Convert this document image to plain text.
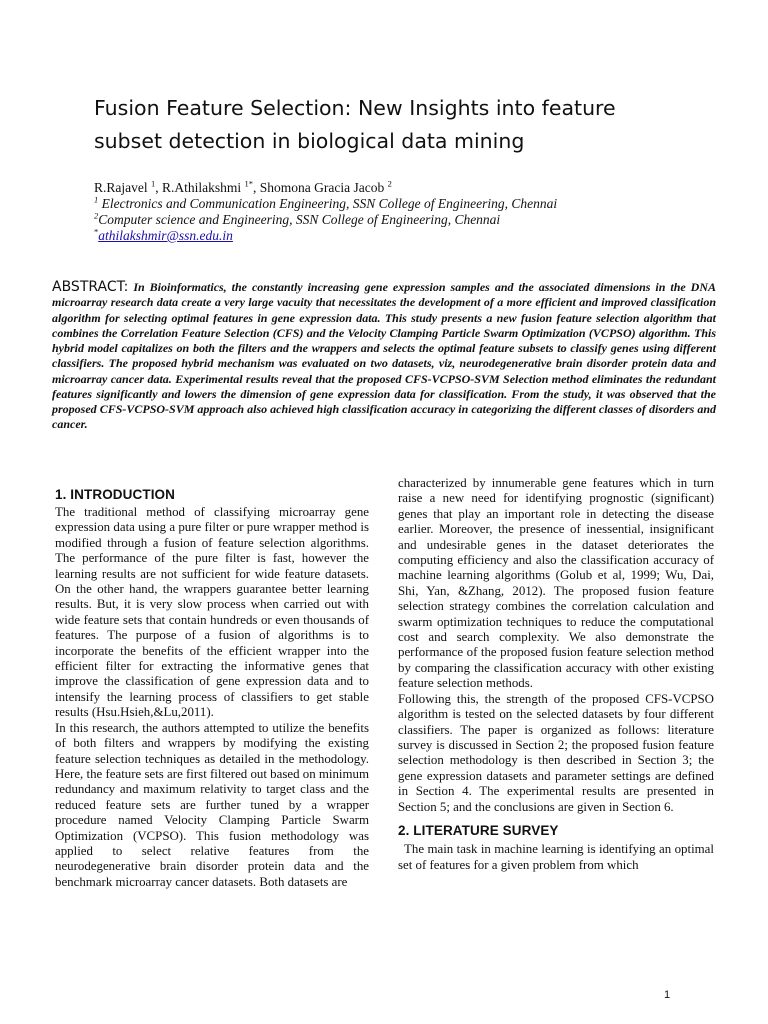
Fusion Feature Selection: New Insights into feature
subset detection in biological data mining
R.Rajavel $^1$, R.Athilakshmi $^{1*}$, Shomona Gracia Jacob $^2$
$^1$ Electronics and Communication Engineering, SSN College of Engineering, Chennai
$^2$Computer science and Engineering, SSN College of Engineering, Chennai
*athilakshmir@ssn.edu.in
ABSTRACT: In Bioinformatics, the constantly increasing gene expression samples and the associated dimensions in the DNA microarray research data create a very large vacuity that necessitates the development of a more efficient and improved classification algorithm for selecting optimal features in gene expression data. This study presents a new fusion feature selection algorithm that combines the Correlation Feature Selection (CFS) and the Velocity Clamping Particle Swarm Optimization (VCPSO) algorithm. This hybrid model capitalizes on both the filters and the wrappers and selects the optimal feature subsets to classify genes using different classifiers. The proposed hybrid mechanism was evaluated on two datasets, viz, neurodegenerative brain disorder protein data and microarray cancer data. Experimental results reveal that the proposed CFS-VCPSO-SVM Selection method eliminates the redundant features significantly and lowers the dimension of gene expression data for classification. From the study, it was observed that the proposed CFS-VCPSO-SVM approach also achieved high classification accuracy in categorizing the different classes of disorders and cancer.
1. INTRODUCTION

The traditional method of classifying microarray gene expression data using a pure filter or pure wrapper method is modified through a fusion of feature selection algorithms. The performance of the pure filter is fast, however the learning results are not sufficient for wide feature datasets. On the other hand, the wrappers guarantee better learning results. But, it is very slow process when carried out with wide feature sets that contain hundreds or even thousands of features. The purpose of a fusion of algorithms is to incorporate the benefits of the efficient wrapper into the efficient filter for extracting the informative genes that improve the classification of gene expression data and to intensify the learning process of classifiers to get stable results (Hsu.Hsieh,&Lu,2011).

In this research, the authors attempted to utilize the benefits of both filters and wrappers by modifying the existing feature selection techniques as detailed in the methodology. Here, the feature sets are first filtered out based on minimum redundancy and maximum relativity to target class and the reduced feature sets are further tuned by a wrapper procedure named Velocity Clamping Particle Swarm Optimization (VCPSO). This fusion methodology was applied to select relative features from the neurodegenerative brain disorder protein data and the benchmark microarray cancer datasets. Both datasets are

characterized by innumerable gene features which in turn raise a new need for identifying prognostic (significant) genes that play an important role in detecting the disease earlier. Moreover, the presence of inessential, insignificant and undesirable genes in the dataset deteriorates the computing efficiency and also the classification accuracy of machine learning algorithms (Golub et al, 1999; Wu, Dai, Shi, Yan, &Zhang, 2012). The proposed fusion feature selection strategy combines the correlation calculation and swarm optimization techniques to reduce the computational cost and search complexity. We also demonstrate the performance of the proposed fusion feature selection method by comparing the classification accuracy with other existing feature selection methods.

Following this, the strength of the proposed CFS-VCPSO algorithm is tested on the selected datasets by four different classifiers. The paper is organized as follows: literature survey is discussed in Section 2; the proposed fusion feature selection methodology is then described in Section 3; the gene expression datasets and parameter settings are defined in Section 4. The experimental results are presented in Section 5; and the conclusions are given in Section 6.

2. LITERATURE SURVEY

The main task in machine learning is identifying an optimal set of features for a given problem from which

1
